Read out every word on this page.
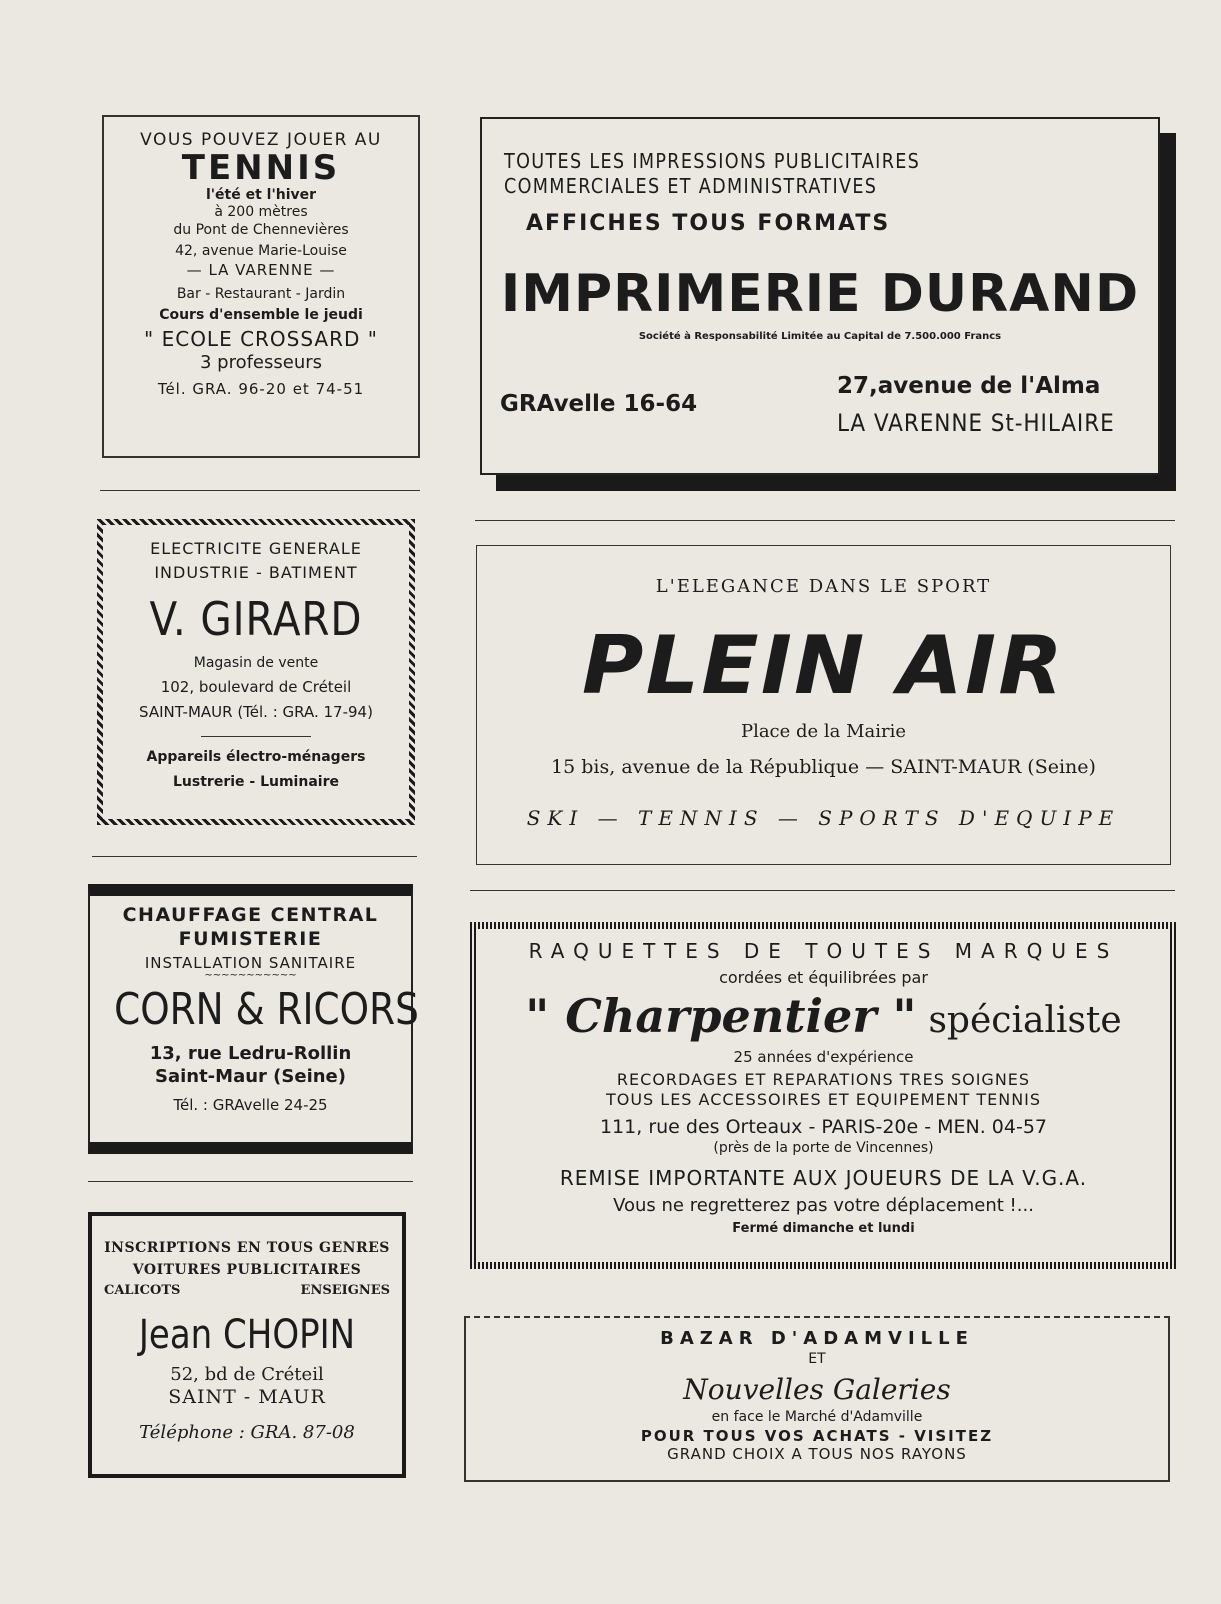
VOUS POUVEZ JOUER AU
TENNIS
l'été et l'hiver
à 200 mètres
du Pont de Chennevières
42, avenue Marie-Louise
— LA VARENNE —
Bar - Restaurant - Jardin
Cours d'ensemble le jeudi
" ECOLE CROSSARD "
3 professeurs
Tél. GRA. 96-20 et 74-51
TOUTES LES IMPRESSIONS PUBLICITAIRES
COMMERCIALES ET ADMINISTRATIVES
AFFICHES TOUS FORMATS
IMPRIMERIE DURAND
Société à Responsabilité Limitée au Capital de 7.500.000 Francs
GRAvelle 16-64
27,avenue de l'Alma
LA VARENNE St-HILAIRE
ELECTRICITE GENERALE
INDUSTRIE - BATIMENT
V. GIRARD
Magasin de vente
102, boulevard de Créteil
SAINT-MAUR (Tél. : GRA. 17-94)
Appareils électro-ménagers
Lustrerie - Luminaire
CHAUFFAGE CENTRAL
FUMISTERIE
INSTALLATION SANITAIRE
~~~~~~~~~~~
CORN & RICORS
13, rue Ledru-Rollin
Saint-Maur (Seine)
Tél. : GRAvelle 24-25
INSCRIPTIONS EN TOUS GENRES
VOITURES PUBLICITAIRES
CALICOTS	ENSEIGNES
Jean CHOPIN
52, bd de Créteil
SAINT - MAUR
Téléphone : GRA. 87-08
L'ELEGANCE DANS LE SPORT
PLEIN AIR
Place de la Mairie
15 bis, avenue de la République — SAINT-MAUR (Seine)
SKI — TENNIS — SPORTS D'EQUIPE
RAQUETTES DE TOUTES MARQUES
cordées et équilibrées par
" Charpentier " spécialiste
25 années d'expérience
RECORDAGES ET REPARATIONS TRES SOIGNES
TOUS LES ACCESSOIRES ET EQUIPEMENT TENNIS
111, rue des Orteaux - PARIS-20e - MEN. 04-57
(près de la porte de Vincennes)
REMISE IMPORTANTE AUX JOUEURS DE LA V.G.A.
Vous ne regretterez pas votre déplacement !...
Fermé dimanche et lundi
BAZAR D'ADAMVILLE
ET
Nouvelles Galeries
en face le Marché d'Adamville
POUR TOUS VOS ACHATS - VISITEZ
GRAND CHOIX A TOUS NOS RAYONS
